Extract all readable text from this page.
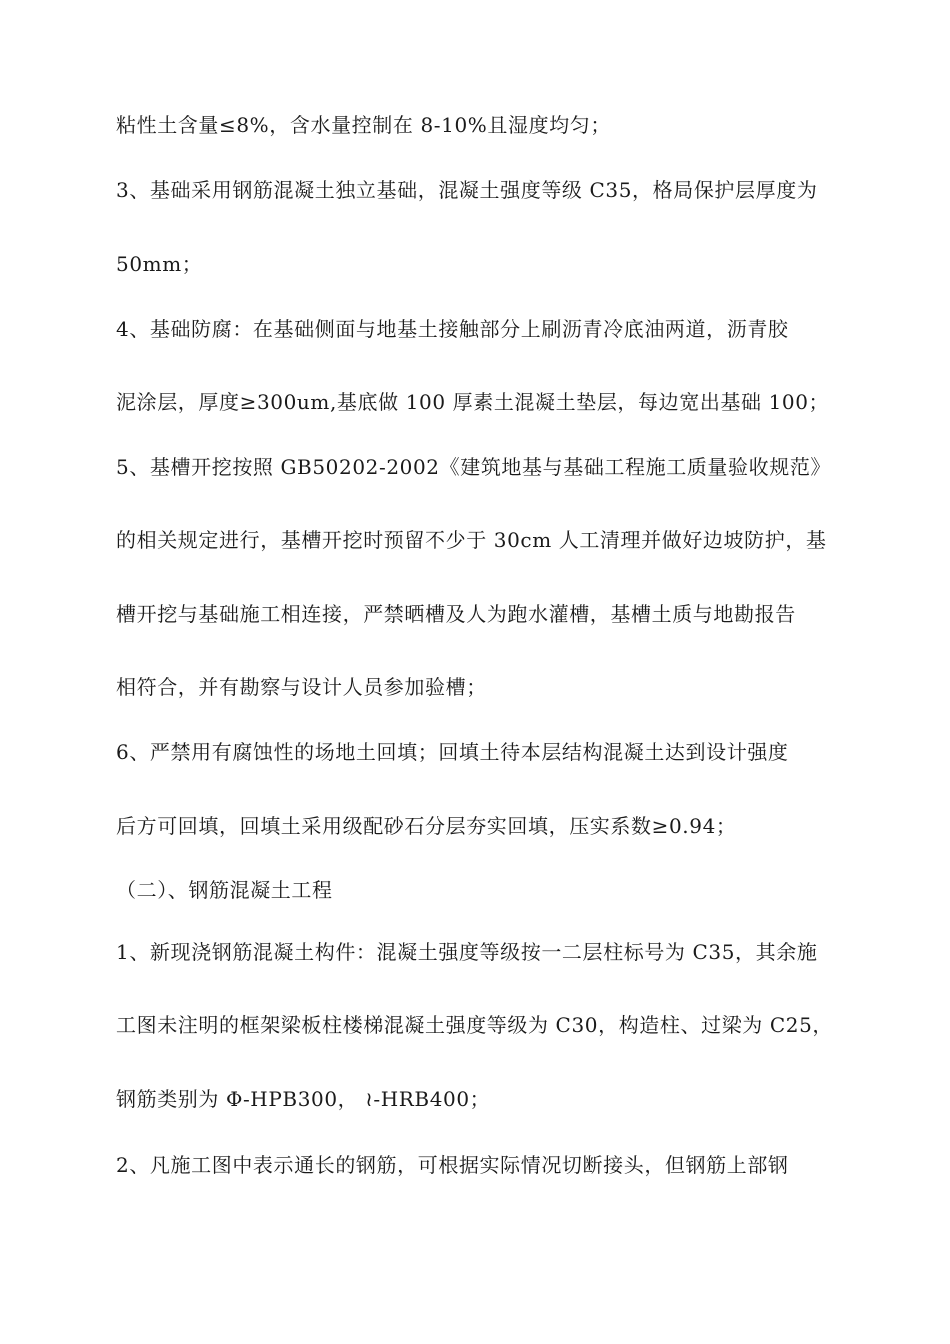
粘性土含量≤8%，含水量控制在 8-10%且湿度均匀；
3、基础采用钢筋混凝土独立基础，混凝土强度等级 C35，格局保护层厚度为
50mm；
4、基础防腐：在基础侧面与地基土接触部分上刷沥青冷底油两道，沥青胶
泥涂层，厚度≥300um,基底做 100 厚素土混凝土垫层，每边宽出基础 100；
5、基槽开挖按照 GB50202-2002《建筑地基与基础工程施工质量验收规范》
的相关规定进行，基槽开挖时预留不少于 30cm 人工清理并做好边坡防护，基
槽开挖与基础施工相连接，严禁晒槽及人为跑水灌槽，基槽土质与地勘报告
相符合，并有勘察与设计人员参加验槽；
6、严禁用有腐蚀性的场地土回填；回填土待本层结构混凝土达到设计强度
后方可回填，回填土采用级配砂石分层夯实回填，压实系数≥0.94；
（二）、钢筋混凝土工程
1、新现浇钢筋混凝土构件：混凝土强度等级按一二层柱标号为 C35，其余施
工图未注明的框架梁板柱楼梯混凝土强度等级为 C30，构造柱、过梁为 C25，
钢筋类别为 Φ-HPB300， ≀-HRB400；
2、凡施工图中表示通长的钢筋，可根据实际情况切断接头，但钢筋上部钢
